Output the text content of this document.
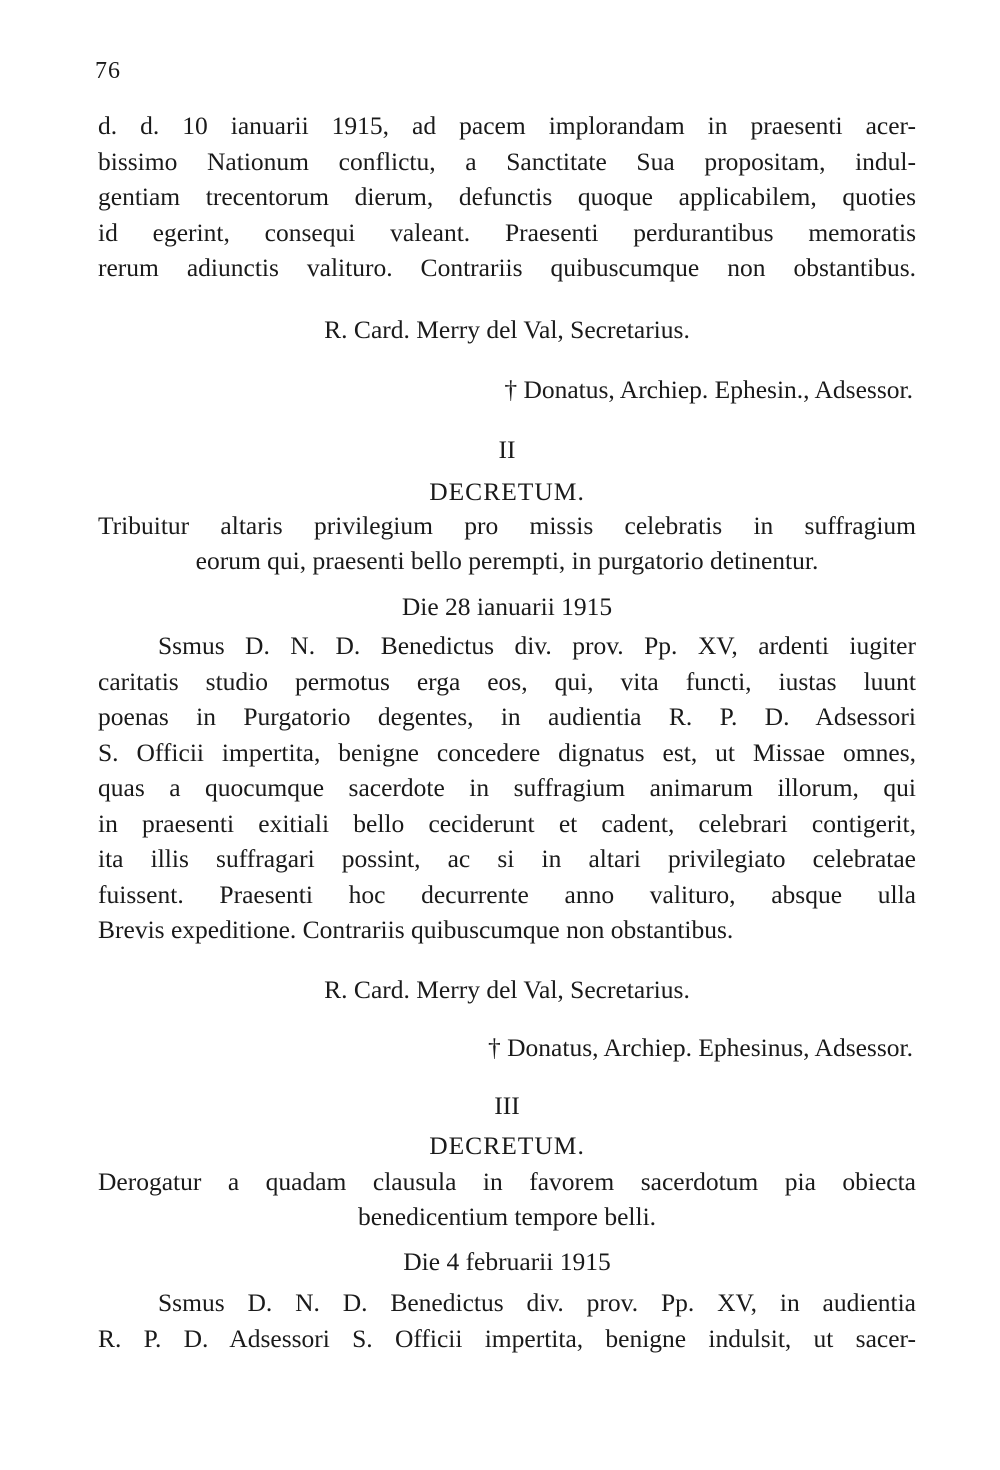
76
d. d. 10 ianuarii 1915, ad pacem implorandam in praesenti acer-
bissimo Nationum conflictu, a Sanctitate Sua propositam, indul-
gentiam trecentorum dierum, defunctis quoque applicabilem, quoties
id egerint, consequi valeant. Praesenti perdurantibus memoratis
rerum adiunctis valituro. Contrariis quibuscumque non obstantibus.
R. Card. Merry del Val, Secretarius.
† Donatus, Archiep. Ephesin., Adsessor.
II
DECRETUM.
Tribuitur altaris privilegium pro missis celebratis in suffragium
eorum qui, praesenti bello perempti, in purgatorio detinentur.
Die 28 ianuarii 1915
Ssmus D. N. D. Benedictus div. prov. Pp. XV, ardenti iugiter
caritatis studio permotus erga eos, qui, vita functi, iustas luunt
poenas in Purgatorio degentes, in audientia R. P. D. Adsessori
S. Officii impertita, benigne concedere dignatus est, ut Missae omnes,
quas a quocumque sacerdote in suffragium animarum illorum, qui
in praesenti exitiali bello ceciderunt et cadent, celebrari contigerit,
ita illis suffragari possint, ac si in altari privilegiato celebratae
fuissent. Praesenti hoc decurrente anno valituro, absque ulla
Brevis expeditione. Contrariis quibuscumque non obstantibus.
R. Card. Merry del Val, Secretarius.
† Donatus, Archiep. Ephesinus, Adsessor.
III
DECRETUM.
Derogatur a quadam clausula in favorem sacerdotum pia obiecta
benedicentium tempore belli.
Die 4 februarii 1915
Ssmus D. N. D. Benedictus div. prov. Pp. XV, in audientia
R. P. D. Adsessori S. Officii impertita, benigne indulsit, ut sacer-
